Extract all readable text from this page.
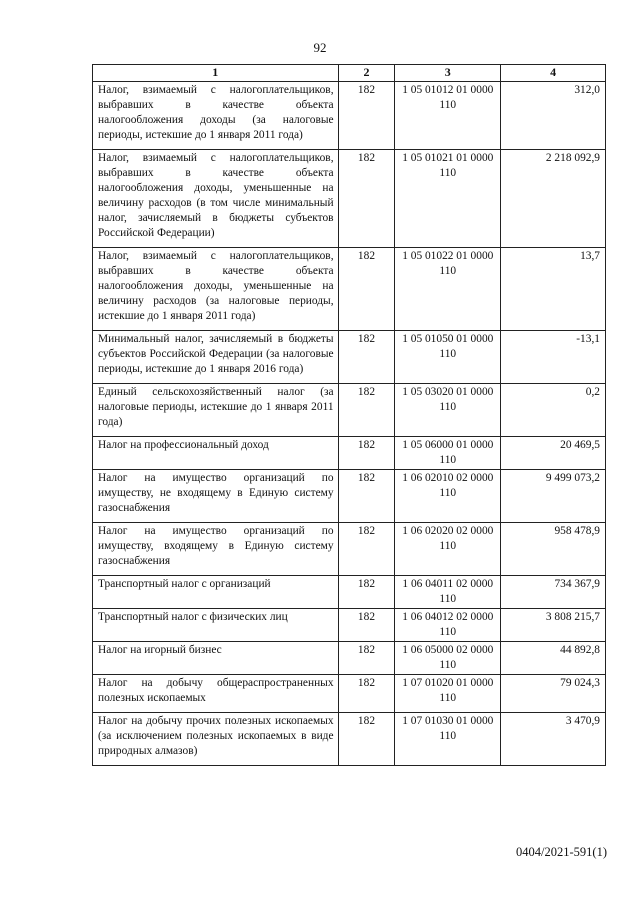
92
1	2	3	4
Налог, взимаемый с налогоплательщиков, выбравших в качестве объекта налогообложения доходы (за налоговые периоды, истекшие до 1 января 2011 года)	182	1 05 01012 01 0000 110	312,0
Налог, взимаемый с налогоплательщиков, выбравших в качестве объекта налогообложения доходы, уменьшенные на величину расходов (в том числе минимальный налог, зачисляемый в бюджеты субъектов Российской Федерации)	182	1 05 01021 01 0000 110	2 218 092,9
Налог, взимаемый с налогоплательщиков, выбравших в качестве объекта налогообложения доходы, уменьшенные на величину расходов (за налоговые периоды, истекшие до 1 января 2011 года)	182	1 05 01022 01 0000 110	13,7
Минимальный налог, зачисляемый в бюджеты субъектов Российской Федерации (за налоговые периоды, истекшие до 1 января 2016 года)	182	1 05 01050 01 0000 110	-13,1
Единый сельскохозяйственный налог (за налоговые периоды, истекшие до 1 января 2011 года)	182	1 05 03020 01 0000 110	0,2
Налог на профессиональный доход	182	1 05 06000 01 0000 110	20 469,5
Налог на имущество организаций по имуществу, не входящему в Единую систему газоснабжения	182	1 06 02010 02 0000 110	9 499 073,2
Налог на имущество организаций по имуществу, входящему в Единую систему газоснабжения	182	1 06 02020 02 0000 110	958 478,9
Транспортный налог с организаций	182	1 06 04011 02 0000 110	734 367,9
Транспортный налог с физических лиц	182	1 06 04012 02 0000 110	3 808 215,7
Налог на игорный бизнес	182	1 06 05000 02 0000 110	44 892,8
Налог на добычу общераспространенных полезных ископаемых	182	1 07 01020 01 0000 110	79 024,3
Налог на добычу прочих полезных ископаемых (за исключением полезных ископаемых в виде природных алмазов)	182	1 07 01030 01 0000 110	3 470,9
0404/2021-591(1)
